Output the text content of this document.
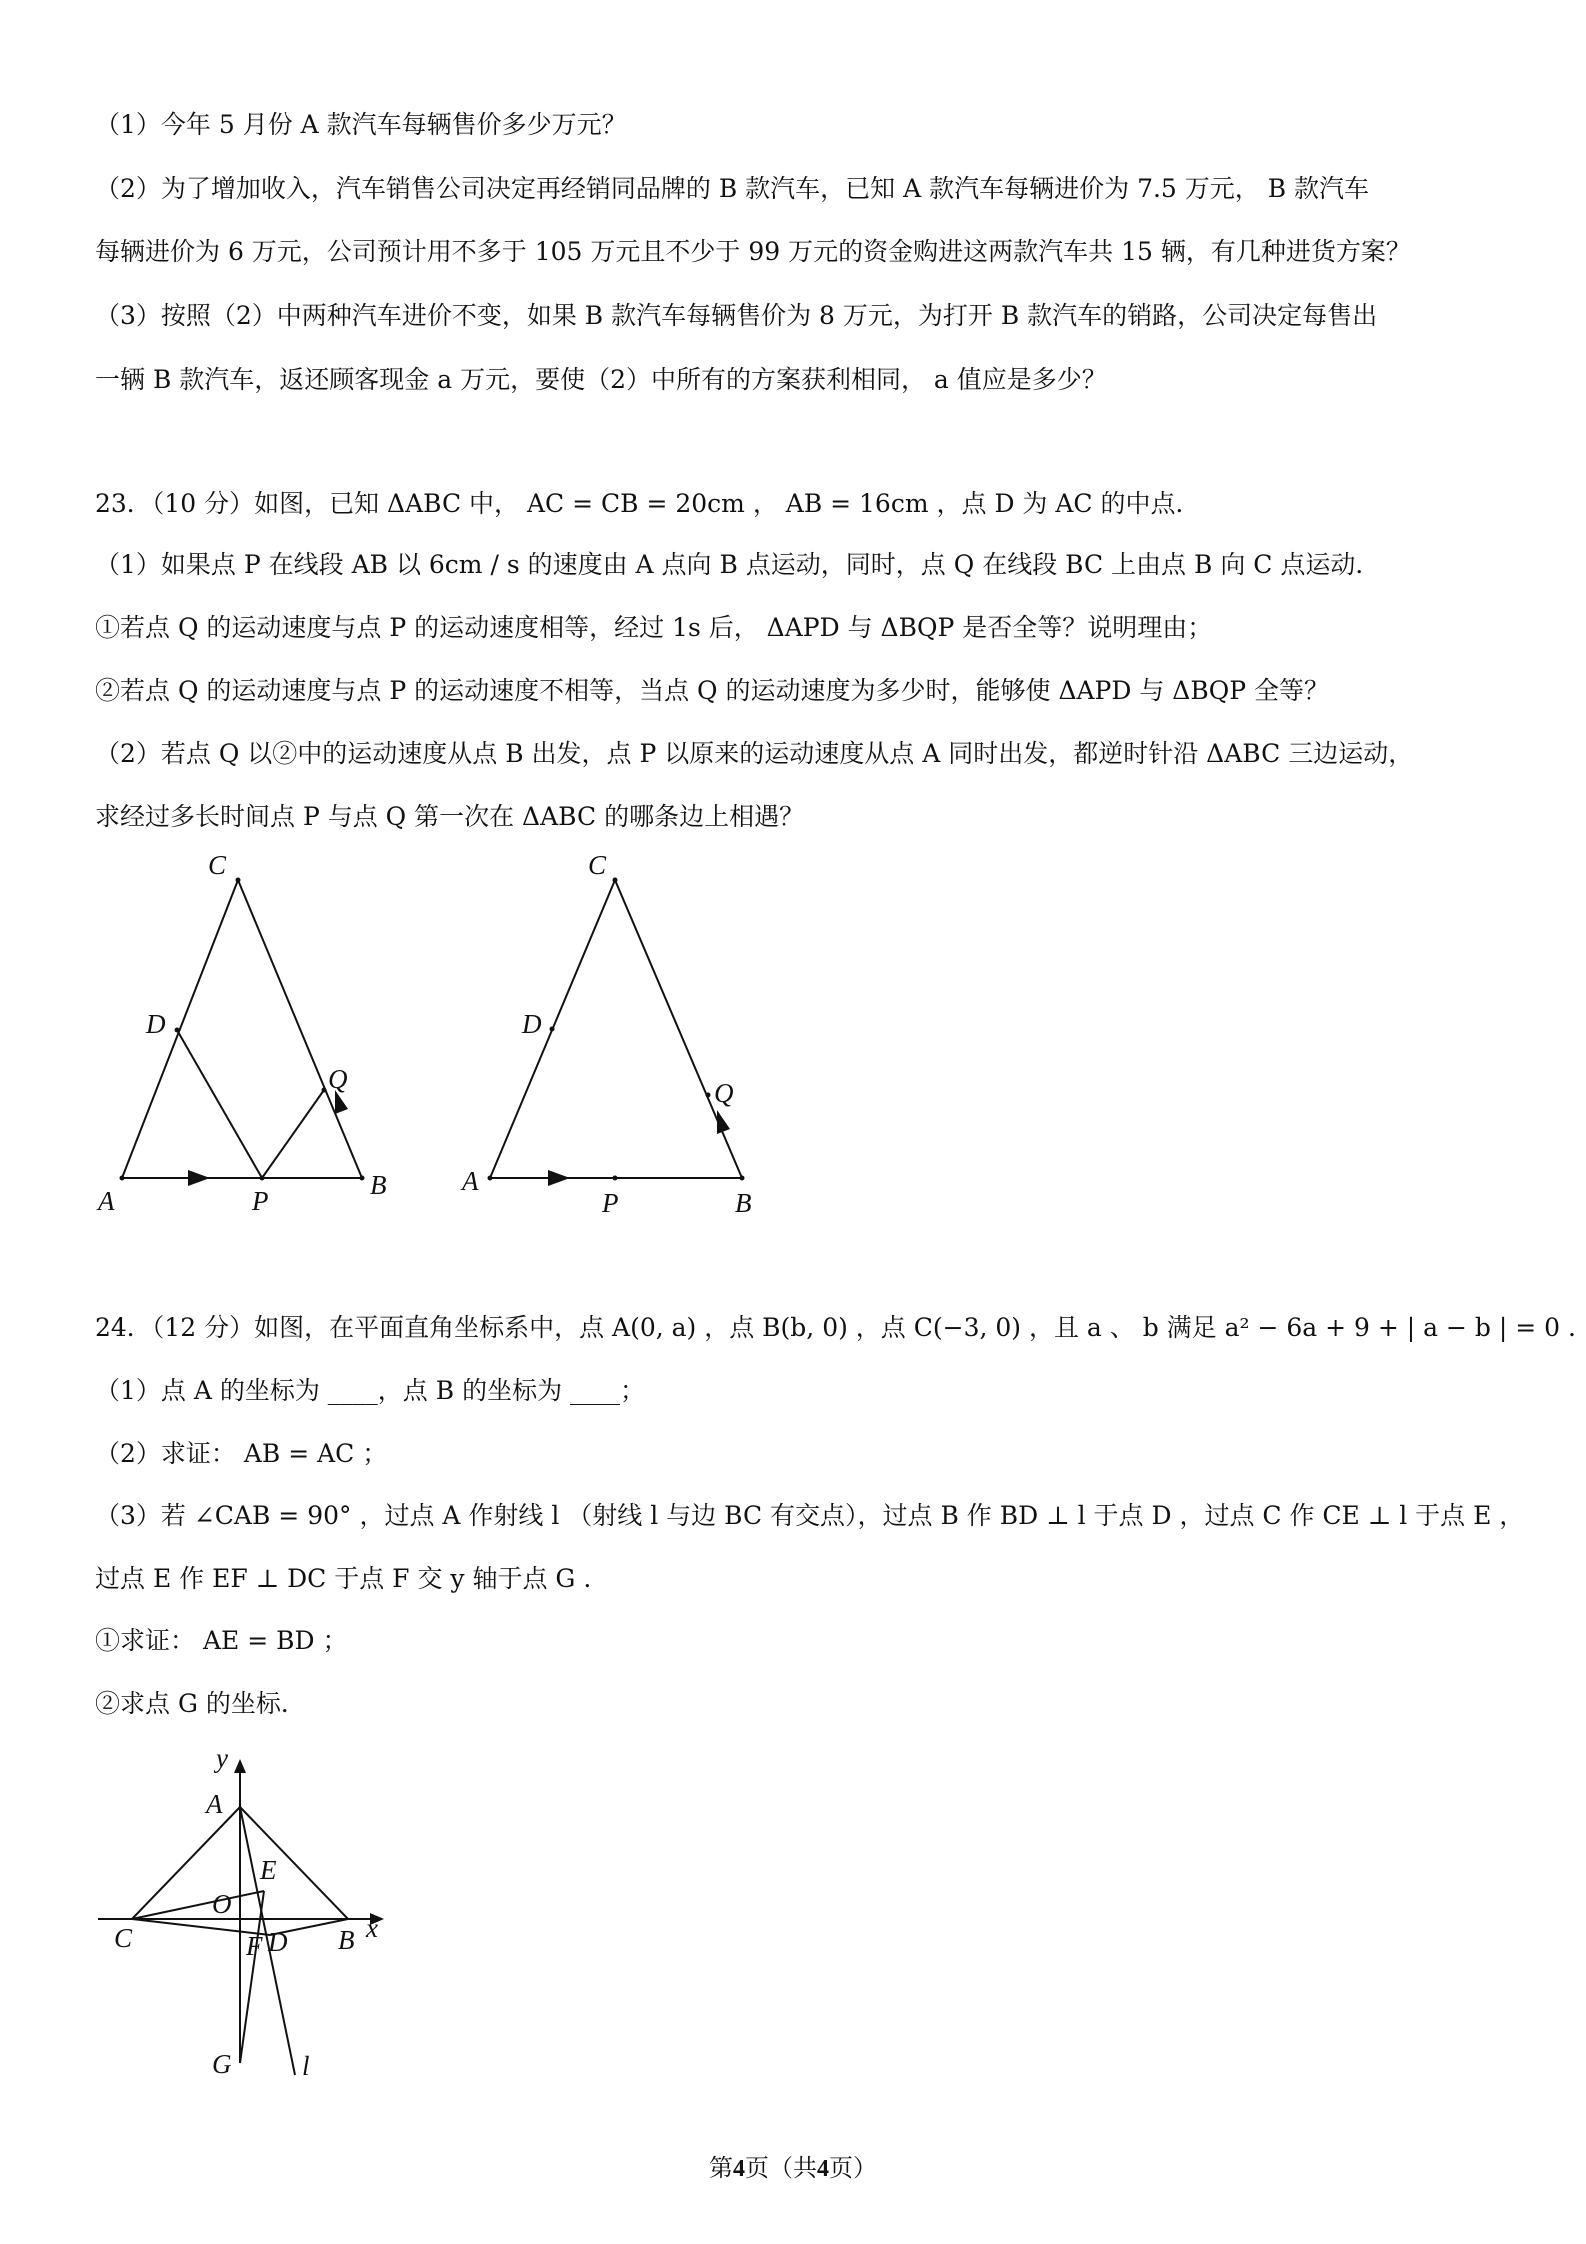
（1）今年 5 月份 A 款汽车每辆售价多少万元？
（2）为了增加收入，汽车销售公司决定再经销同品牌的 B 款汽车，已知 A 款汽车每辆进价为 7.5 万元， B 款汽车
每辆进价为 6 万元，公司预计用不多于 105 万元且不少于 99 万元的资金购进这两款汽车共 15 辆，有几种进货方案？
（3）按照（2）中两种汽车进价不变，如果 B 款汽车每辆售价为 8 万元，为打开 B 款汽车的销路，公司决定每售出
一辆 B 款汽车，返还顾客现金 a 万元，要使（2）中所有的方案获利相同， a 值应是多少？
23．（10 分）如图，已知 ΔABC 中， AC = CB = 20cm ， AB = 16cm ，点 D 为 AC 的中点．
（1）如果点 P 在线段 AB 以 6cm / s 的速度由 A 点向 B 点运动，同时，点 Q 在线段 BC 上由点 B 向 C 点运动．
①若点 Q 的运动速度与点 P 的运动速度相等，经过 1s 后， ΔAPD 与 ΔBQP 是否全等？说明理由；
②若点 Q 的运动速度与点 P 的运动速度不相等，当点 Q 的运动速度为多少时，能够使 ΔAPD 与 ΔBQP 全等？
（2）若点 Q 以②中的运动速度从点 B 出发，点 P 以原来的运动速度从点 A 同时出发，都逆时针沿 ΔABC 三边运动，
求经过多长时间点 P 与点 Q 第一次在 ΔABC 的哪条边上相遇？
C
D
Q
A	P
B
C
D
Q
A
P	B
24．（12 分）如图，在平面直角坐标系中，点 A(0, a) ，点 B(b, 0) ，点 C(−3, 0) ，且 a 、 b 满足 a² − 6a + 9 + | a − b | = 0 .
（1）点 A 的坐标为 ____，点 B 的坐标为 ____；
（2）求证： AB = AC ；
（3）若 ∠CAB = 90° ，过点 A 作射线 l （射线 l 与边 BC 有交点），过点 B 作 BD ⊥ l 于点 D ，过点 C 作 CE ⊥ l 于点 E ，
过点 E 作 EF ⊥ DC 于点 F 交 y 轴于点 G .
①求证： AE = BD ；
②求点 G 的坐标．
y
A
E
O
C	F D B x
G	l
第4页（共4页）
